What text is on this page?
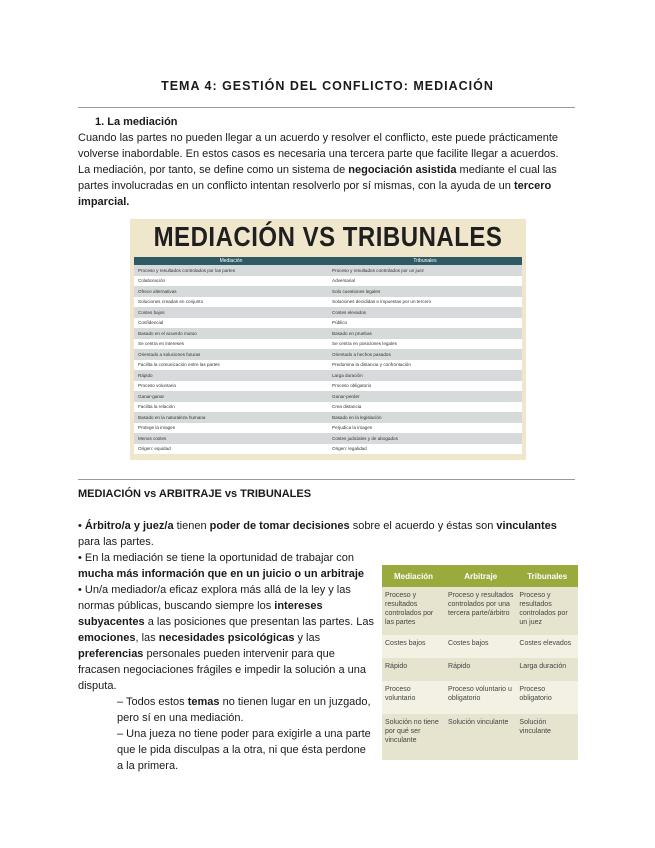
TEMA 4: GESTIÓN DEL CONFLICTO: MEDIACIÓN
1. La mediación
Cuando las partes no pueden llegar a un acuerdo y resolver el conflicto, este puede prácticamente
volverse inabordable. En estos casos es necesaria una tercera parte que facilite llegar a acuerdos.
La mediación, por tanto, se define como un sistema de negociación asistida mediante el cual las
partes involucradas en un conflicto intentan resolverlo por sí mismas, con la ayuda de un tercero
imparcial.
MEDIACIÓN VS TRIBUNALES
Mediación	Tribunales
Proceso y resultados controlados por las partes	Proceso y resultados controlados por un juez
Colaboración	Adversarial
Ofrece alternativas	Solo cuestiones legales
Soluciones creadas en conjunto	Soluciones decididas e impuestas por un tercero
Costes bajos	Costes elevados
Confidencial	Público
Basado en el acuerdo mutuo	Basado en pruebas
Se centra en intereses	Se centra en posiciones legales
Orientado a soluciones futuras	Orientado a hechos pasados
Facilita la comunicación entre las partes	Predomina la distancia y confrontación
Rápido	Larga duración
Proceso voluntario	Proceso obligatorio
Ganar-ganar	Ganar-perder
Facilita la relación	Crea distancia
Basado en la naturaleza humana	Basado en la legislación
Protege la imagen	Perjudica la imagen
Menos costes	Costes judiciales y de abogados
Origen: equidad	Origen: legalidad
MEDIACIÓN vs ARBITRAJE vs TRIBUNALES
• Árbitro/a y juez/a tienen poder de tomar decisiones sobre el acuerdo y éstas son vinculantes
para las partes.
• En la mediación se tiene la oportunidad de trabajar con
mucha más información que en un juicio o un arbitraje
• Un/a mediador/a eficaz explora más allá de la ley y las
normas públicas, buscando siempre los intereses
subyacentes a las posiciones que presentan las partes. Las
emociones, las necesidades psicológicas y las
preferencias personales pueden intervenir para que
fracasen negociaciones frágiles e impedir la solución a una
disputa.
– Todos estos temas no tienen lugar en un juzgado,
pero sí en una mediación.
– Una jueza no tiene poder para exigirle a una parte
que le pida disculpas a la otra, ni que ésta perdone
a la primera.
Mediación	Arbitraje	Tribunales
Proceso y resultados controlados por las partes	Proceso y resultados controlados por una tercera parte/árbitro	Proceso y resultados controlados por un juez
Costes bajos	Costes bajos	Costes elevados
Rápido	Rápido	Larga duración
Proceso voluntario	Proceso voluntario u obligatorio	Proceso obligatorio
Solución no tiene por qué ser vinculante	Solución vinculante	Solución vinculante
